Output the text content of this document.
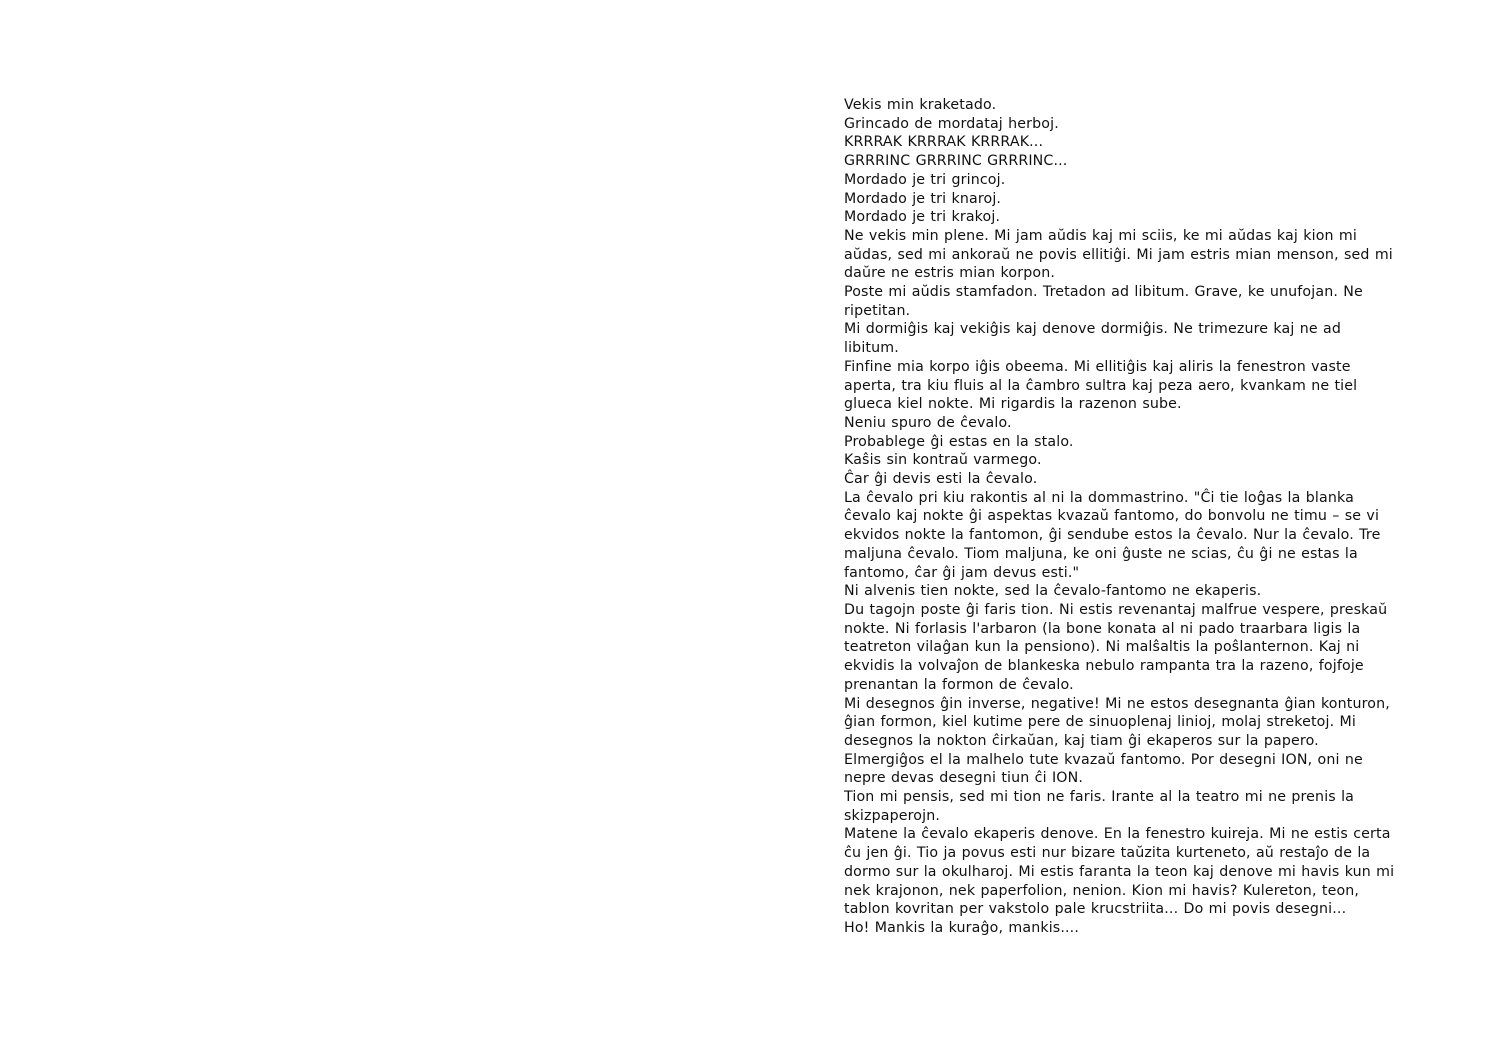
Vekis min kraketado.

Grincado de mordataj herboj.

KRRRAK KRRRAK KRRRAK...

GRRRINC GRRRINC GRRRINC...

Mordado je tri grincoj.

Mordado je tri knaroj.

Mordado je tri krakoj.

Ne vekis min plene. Mi jam aŭdis kaj mi sciis, ke mi aŭdas kaj kion mi aŭdas, sed mi ankoraŭ ne povis ellitiĝi. Mi jam estris mian menson, sed mi daŭre ne estris mian korpon.

Poste mi aŭdis stamfadon. Tretadon ad libitum. Grave, ke unufojan. Ne ripetitan.

Mi dormiĝis kaj vekiĝis kaj denove dormiĝis. Ne trimezure kaj ne ad libitum.

Finfine mia korpo iĝis obeema. Mi ellitiĝis kaj aliris la fenestron vaste aperta, tra kiu fluis al la ĉambro sultra kaj peza aero, kvankam ne tiel glueca kiel nokte. Mi rigardis la razenon sube.

Neniu spuro de ĉevalo.

Probablege ĝi estas en la stalo.

Kaŝis sin kontraŭ varmego.

Ĉar ĝi devis esti la ĉevalo.

La ĉevalo pri kiu rakontis al ni la dommastrino. "Ĉi tie loĝas la blanka ĉevalo kaj nokte ĝi aspektas kvazaŭ fantomo, do bonvolu ne timu – se vi ekvidos nokte la fantomon, ĝi sendube estos la ĉevalo. Nur la ĉevalo. Tre maljuna ĉevalo. Tiom maljuna, ke oni ĝuste ne scias, ĉu ĝi ne estas la fantomo, ĉar ĝi jam devus esti."

Ni alvenis tien nokte, sed la ĉevalo-fantomo ne ekaperis.

Du tagojn poste ĝi faris tion. Ni estis revenantaj malfrue vespere, preskaŭ nokte. Ni forlasis l'arbaron (la bone konata al ni pado traarbara ligis la teatreton vilaĝan kun la pensiono). Ni malŝaltis la poŝlanternon. Kaj ni ekvidis la volvaĵon de blankeska nebulo rampanta tra la razeno, fojfoje prenantan la formon de ĉevalo.

Mi desegnos ĝin inverse, negative! Mi ne estos desegnanta ĝian konturon, ĝian formon, kiel kutime pere de sinuoplenaj linioj, molaj streketoj. Mi desegnos la nokton ĉirkaŭan, kaj tiam ĝi ekaperos sur la papero. Elmergiĝos el la malhelo tute kvazaŭ fantomo. Por desegni ION, oni ne nepre devas desegni tiun ĉi ION.

Tion mi pensis, sed mi tion ne faris. Irante al la teatro mi ne prenis la skizpaperojn.

Matene la ĉevalo ekaperis denove. En la fenestro kuireja. Mi ne estis certa ĉu jen ĝi. Tio ja povus esti nur bizare taŭzita kurteneto, aŭ restaĵo de la dormo sur la okulharoj. Mi estis faranta la teon kaj denove mi havis kun mi nek krajonon, nek paperfolion, nenion. Kion mi havis? Kulereton, teon, tablon kovritan per vakstolo pale krucstriita... Do mi povis desegni...

Ho! Mankis la kuraĝo, mankis....
